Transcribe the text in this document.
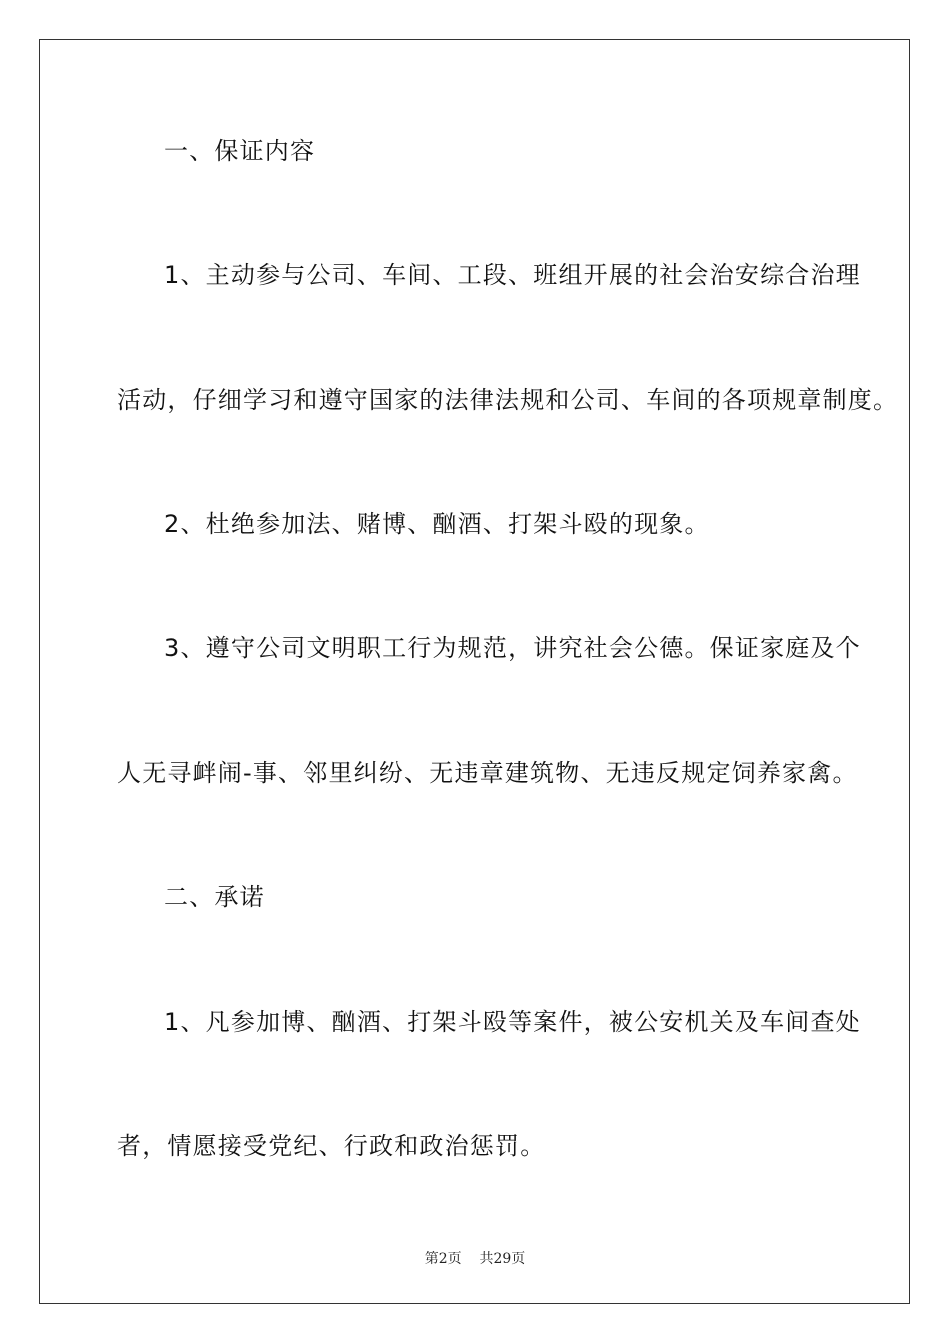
一、保证内容
1、主动参与公司、车间、工段、班组开展的社会治安综合治理
活动，仔细学习和遵守国家的法律法规和公司、车间的各项规章制度。
2、杜绝参加法、赌博、酗酒、打架斗殴的现象。
3、遵守公司文明职工行为规范，讲究社会公德。保证家庭及个
人无寻衅闹-事、邻里纠纷、无违章建筑物、无违反规定饲养家禽。
二、承诺
1、凡参加博、酗酒、打架斗殴等案件，被公安机关及车间查处
者，情愿接受党纪、行政和政治惩罚。
第2页 共29页
